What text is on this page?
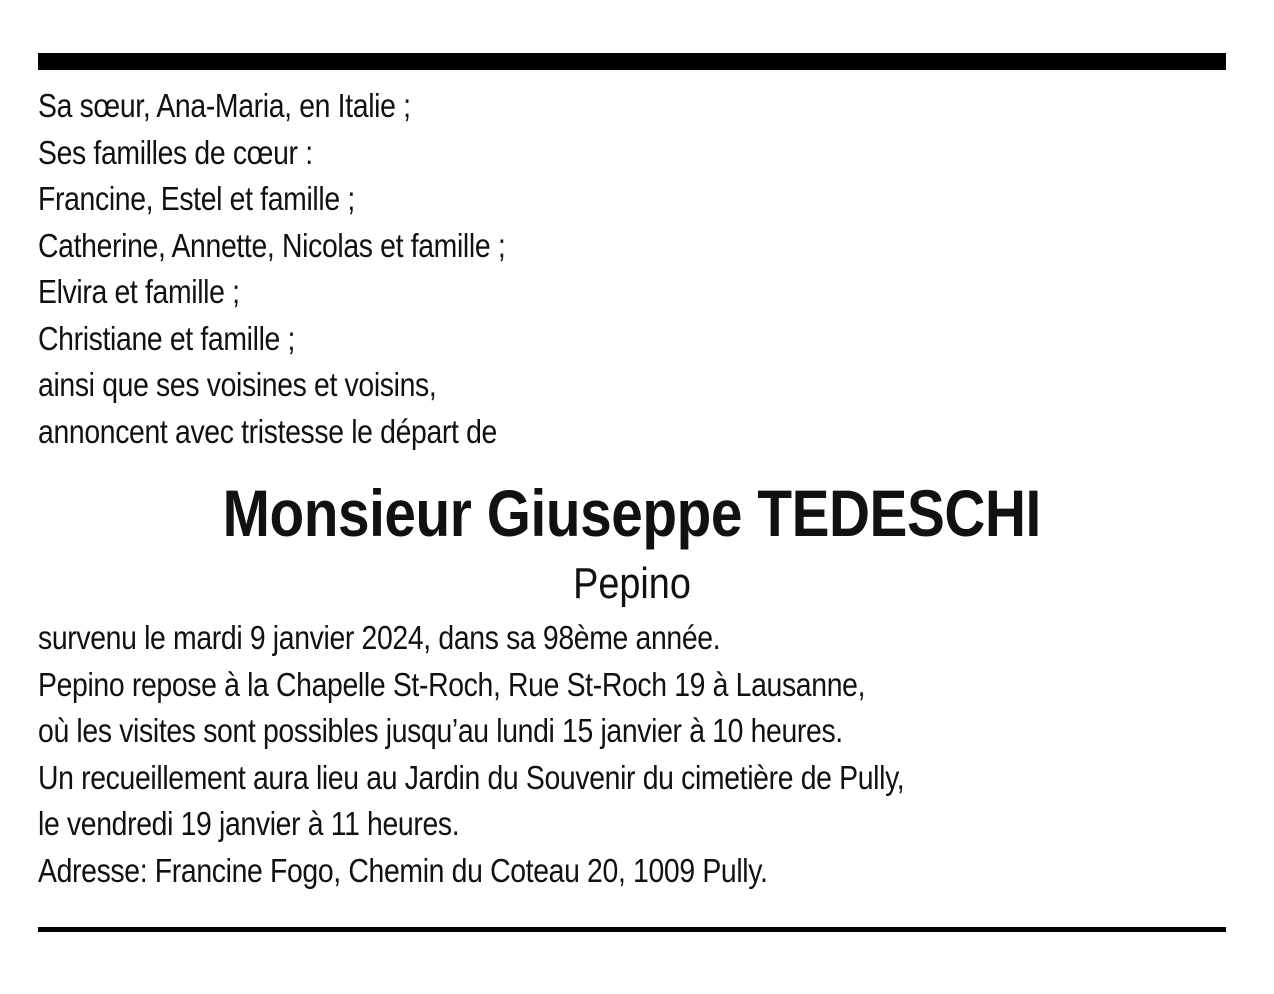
Sa sœur, Ana-Maria, en Italie ;
Ses familles de cœur :
Francine, Estel et famille ;
Catherine, Annette, Nicolas et famille ;
Elvira et famille ;
Christiane et famille ;
ainsi que ses voisines et voisins,
annoncent avec tristesse le départ de
Monsieur Giuseppe TEDESCHI
Pepino
survenu le mardi 9 janvier 2024, dans sa 98ème année.
Pepino repose à la Chapelle St-Roch, Rue St-Roch 19 à Lausanne,
où les visites sont possibles jusqu’au lundi 15 janvier à 10 heures.
Un recueillement aura lieu au Jardin du Souvenir du cimetière de Pully,
le vendredi 19 janvier à 11 heures.
Adresse: Francine Fogo, Chemin du Coteau 20, 1009 Pully.
